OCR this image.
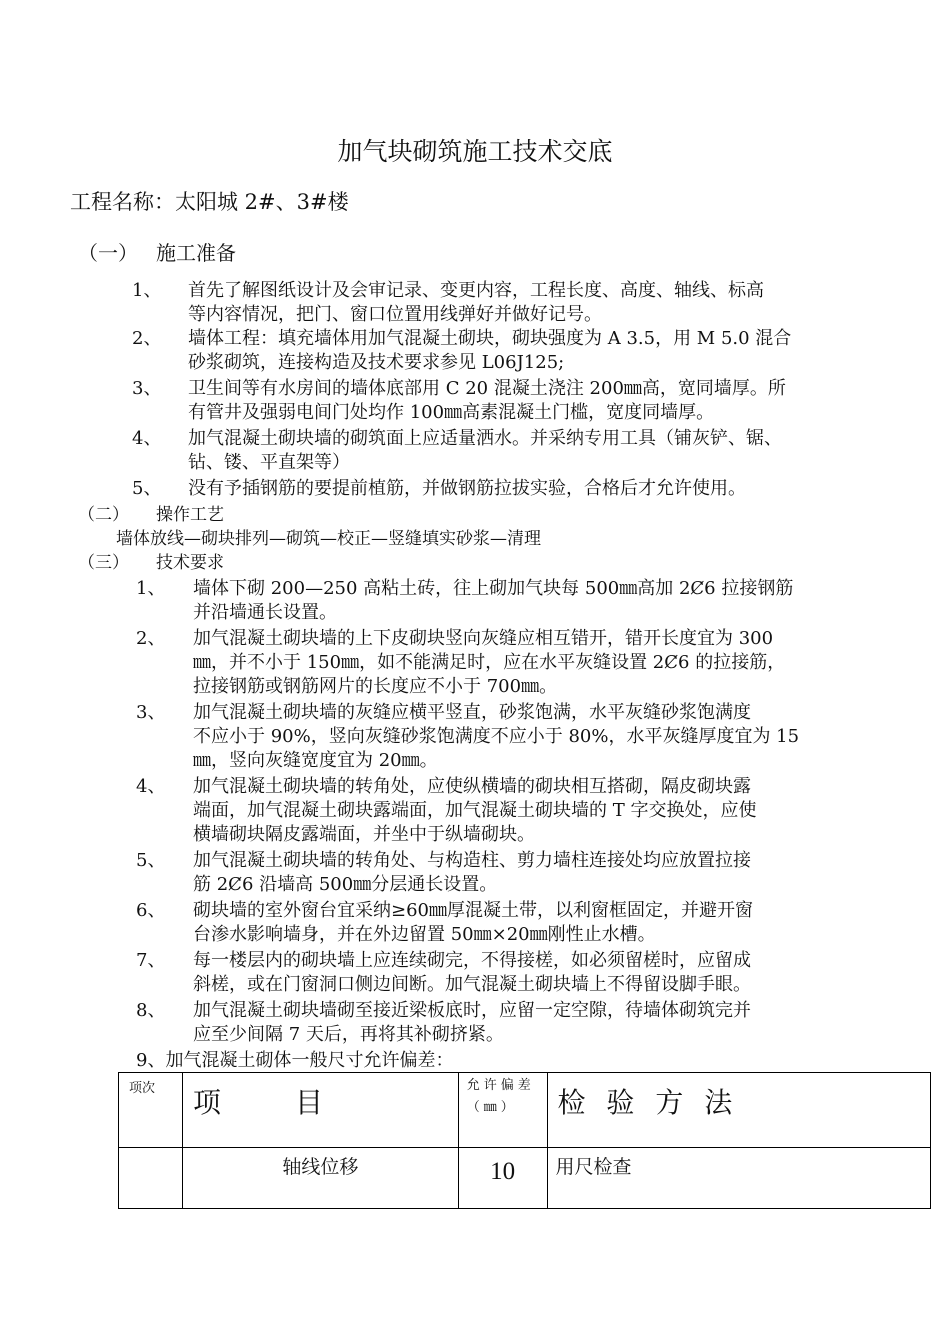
加气块砌筑施工技术交底
工程名称：太阳城 2#、3#楼
（一） 施工准备
1、 首先了解图纸设计及会审记录、变更内容，工程长度、高度、轴线、标高
等内容情况，把门、窗口位置用线弹好并做好记号。
2、 墙体工程：填充墙体用加气混凝土砌块，砌块强度为 A 3.5，用 M 5.0 混合
砂浆砌筑，连接构造及技术要求参见 L06J125;
3、 卫生间等有水房间的墙体底部用 C 20 混凝土浇注 200㎜高，宽同墙厚。所
有管井及强弱电间门处均作 100㎜高素混凝土门槛，宽度同墙厚。
4、 加气混凝土砌块墙的砌筑面上应适量洒水。并采纳专用工具（铺灰铲、锯、
钻、镂、平直架等）
5、 没有予插钢筋的要提前植筋，并做钢筋拉拔实验，合格后才允许使用。
（二） 操作工艺
墙体放线—砌块排列—砌筑—校正—竖缝填实砂浆—清理
（三） 技术要求
1、 墙体下砌 200—250 高粘土砖，往上砌加气块每 500㎜高加 2Ȼ6 拉接钢筋
并沿墙通长设置。
2、 加气混凝土砌块墙的上下皮砌块竖向灰缝应相互错开，错开长度宜为 300
㎜，并不小于 150㎜，如不能满足时，应在水平灰缝设置 2Ȼ6 的拉接筋，
拉接钢筋或钢筋网片的长度应不小于 700㎜。
3、 加气混凝土砌块墙的灰缝应横平竖直，砂浆饱满，水平灰缝砂浆饱满度
不应小于 90%，竖向灰缝砂浆饱满度不应小于 80%，水平灰缝厚度宜为 15
㎜，竖向灰缝宽度宜为 20㎜。
4、 加气混凝土砌块墙的转角处，应使纵横墙的砌块相互搭砌，隔皮砌块露
端面，加气混凝土砌块露端面，加气混凝土砌块墙的 T 字交换处，应使
横墙砌块隔皮露端面，并坐中于纵墙砌块。
5、 加气混凝土砌块墙的转角处、与构造柱、剪力墙柱连接处均应放置拉接
筋 2Ȼ6 沿墙高 500㎜分层通长设置。
6、 砌块墙的室外窗台宜采纳≥60㎜厚混凝土带，以利窗框固定，并避开窗
台渗水影响墙身，并在外边留置 50㎜×20㎜刚性止水槽。
7、 每一楼层内的砌块墙上应连续砌完，不得接槎，如必须留槎时，应留成
斜槎，或在门窗洞口侧边间断。加气混凝土砌块墙上不得留设脚手眼。
8、 加气混凝土砌块墙砌至接近梁板底时，应留一定空隙，待墙体砌筑完并
应至少间隔 7 天后，再将其补砌挤紧。
9、加气混凝土砌体一般尺寸允许偏差：
项次	项　　目	允许偏差（㎜）	检 验 方 法
	轴线位移	10	用尺检查
